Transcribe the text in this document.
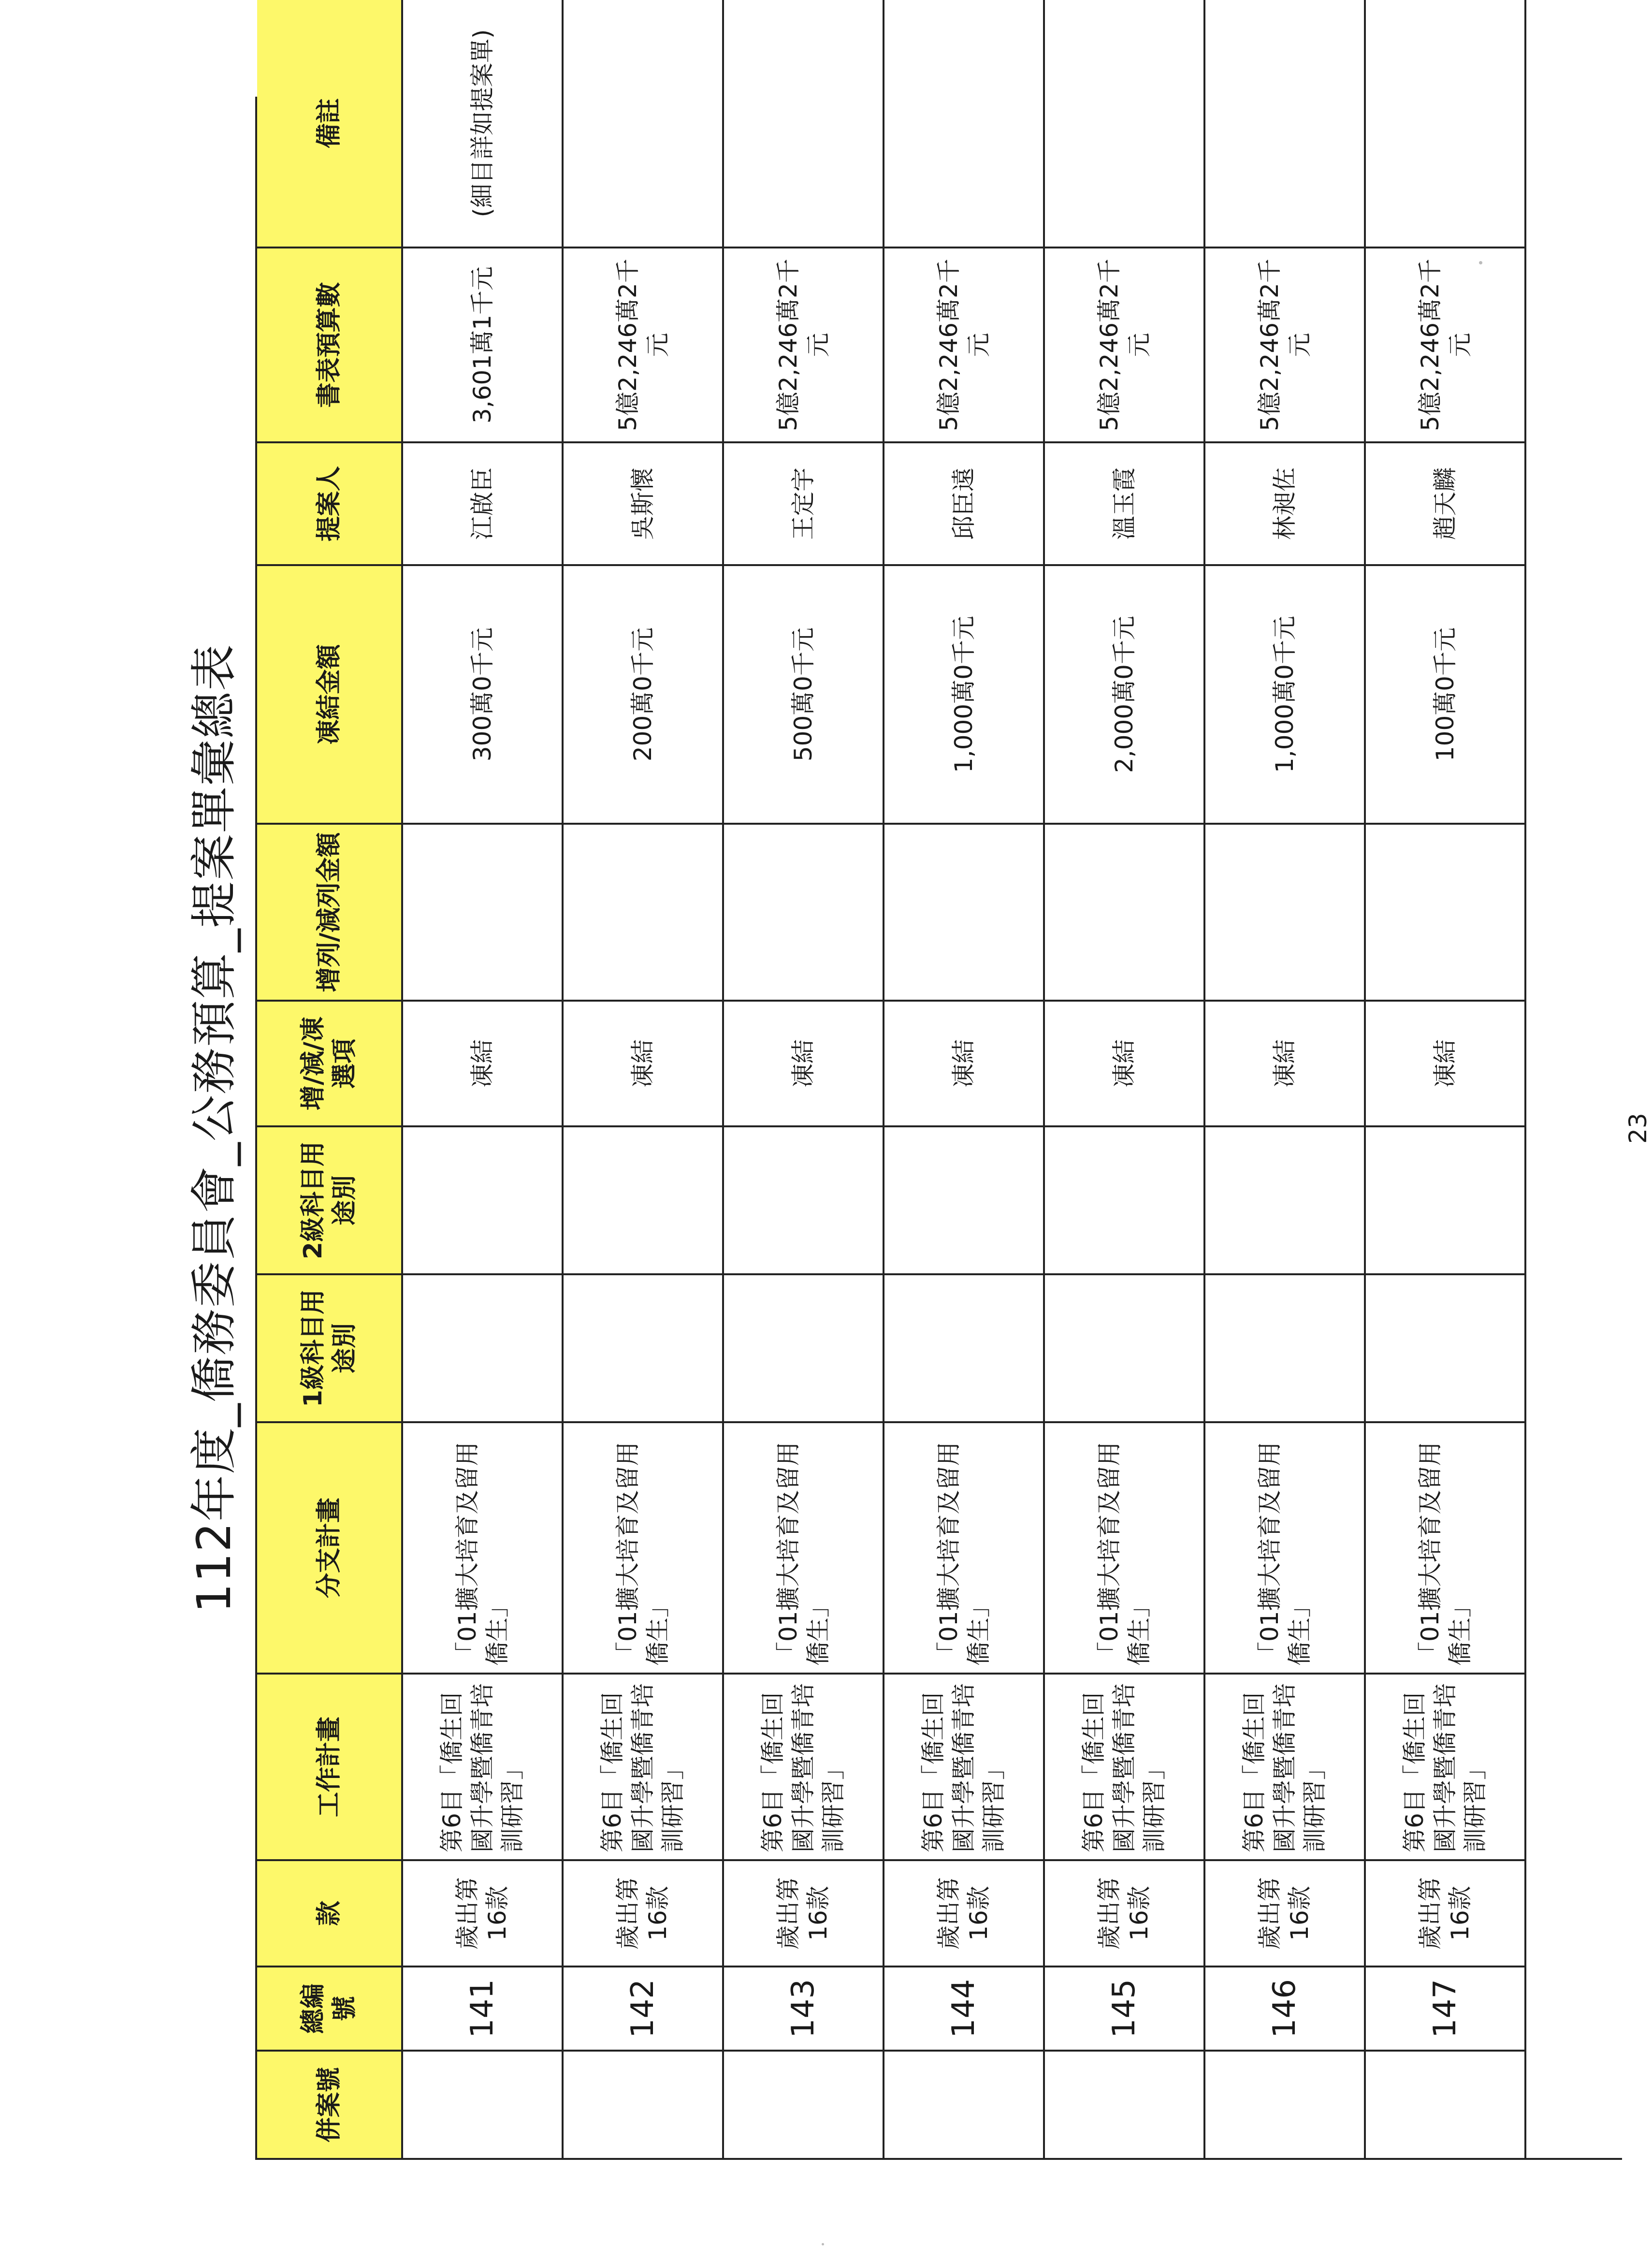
112年度_僑務委員會_公務預算_提案單彙總表
併案號
總編號
款
工作計畫
分支計畫
1級科目用途別
2級科目用途別
增/減/凍選項
增列/減列金額
凍結金額
提案人
書表預算數
備註
141
歲出第16款
第6目「僑生回國升學暨僑青培訓研習」
「01擴大培育及留用僑生」
凍結
300萬0千元
江啟臣
3,601萬1千元
(細目詳如提案單)
142
歲出第16款
第6目「僑生回國升學暨僑青培訓研習」
「01擴大培育及留用僑生」
凍結
200萬0千元
吳斯懷
5億2,246萬2千元
143
歲出第16款
第6目「僑生回國升學暨僑青培訓研習」
「01擴大培育及留用僑生」
凍結
500萬0千元
王定宇
5億2,246萬2千元
144
歲出第16款
第6目「僑生回國升學暨僑青培訓研習」
「01擴大培育及留用僑生」
凍結
1,000萬0千元
邱臣遠
5億2,246萬2千元
145
歲出第16款
第6目「僑生回國升學暨僑青培訓研習」
「01擴大培育及留用僑生」
凍結
2,000萬0千元
溫玉霞
5億2,246萬2千元
146
歲出第16款
第6目「僑生回國升學暨僑青培訓研習」
「01擴大培育及留用僑生」
凍結
1,000萬0千元
林昶佐
5億2,246萬2千元
147
歲出第16款
第6目「僑生回國升學暨僑青培訓研習」
「01擴大培育及留用僑生」
凍結
100萬0千元
趙天麟
5億2,246萬2千元
23
